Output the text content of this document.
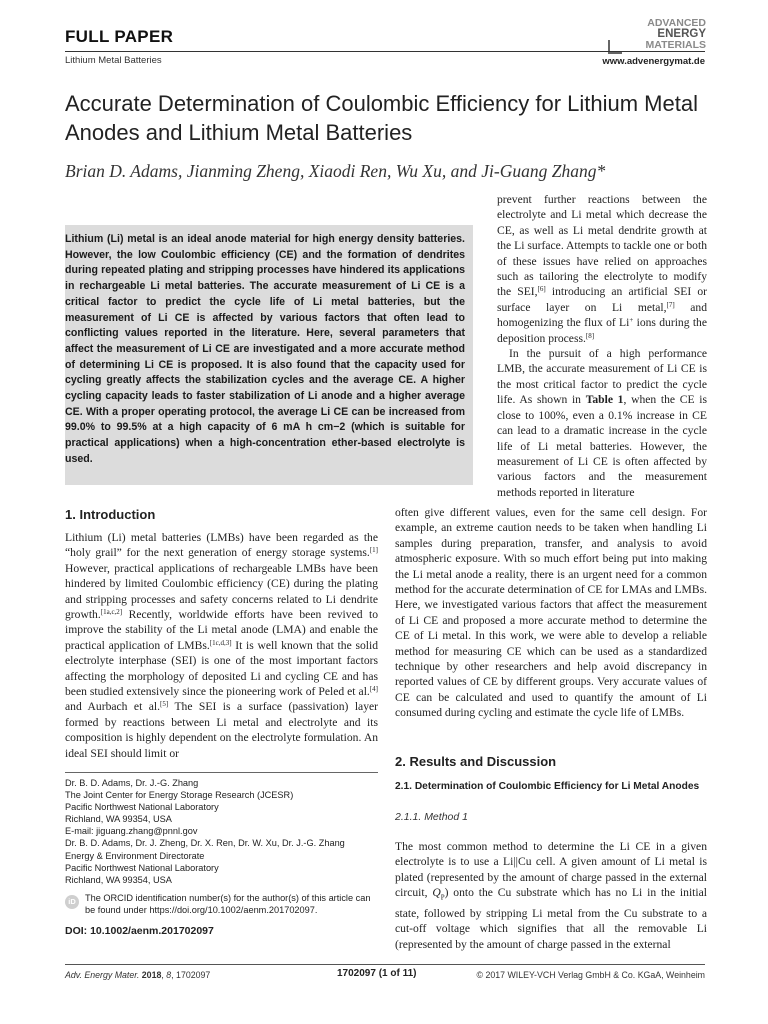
FULL PAPER
ADVANCED
ENERGY
MATERIALS
Lithium Metal Batteries	www.advenergymat.de
Accurate Determination of Coulombic Efficiency for Lithium Metal Anodes and Lithium Metal Batteries
Brian D. Adams, Jianming Zheng, Xiaodi Ren, Wu Xu, and Ji-Guang Zhang*
Lithium (Li) metal is an ideal anode material for high energy density batteries. However, the low Coulombic efficiency (CE) and the formation of dendrites during repeated plating and stripping processes have hindered its applications in rechargeable Li metal batteries. The accurate measurement of Li CE is a critical factor to predict the cycle life of Li metal batteries, but the measurement of Li CE is affected by various factors that often lead to conflicting values reported in the literature. Here, several parameters that affect the measurement of Li CE are investigated and a more accurate method of determining Li CE is proposed. It is also found that the capacity used for cycling greatly affects the stabilization cycles and the average CE. A higher cycling capacity leads to faster stabilization of Li anode and a higher average CE. With a proper operating protocol, the average Li CE can be increased from 99.0% to 99.5% at a high capacity of 6 mA h cm−2 (which is suitable for practical applications) when a high-concentration ether-based electrolyte is used.

prevent further reactions between the electrolyte and Li metal which decrease the CE, as well as Li metal dendrite growth at the Li surface. Attempts to tackle one or both of these issues have relied on approaches such as tailoring the electrolyte to modify the SEI,[6] introducing an artificial SEI or surface layer on Li metal,[7] and homogenizing the flux of Li+ ions during the deposition process.[8]

In the pursuit of a high performance LMB, the accurate measurement of Li CE is the most critical factor to predict the cycle life. As shown in Table 1, when the CE is close to 100%, even a 0.1% increase in CE can lead to a dramatic increase in the cycle life of Li metal batteries. However, the measurement of Li CE is often affected by various factors and the measurement methods reported in literature

often give different values, even for the same cell design. For example, an extreme caution needs to be taken when handling Li samples during preparation, transfer, and analysis to avoid atmospheric exposure. With so much effort being put into making the Li metal anode a reality, there is an urgent need for a common method for the accurate determination of CE for LMAs and LMBs. Here, we investigated various factors that affect the measurement of Li CE and proposed a more accurate method to determine the CE of Li metal. In this work, we were able to develop a reliable method for measuring CE which can be used as a standardized technique by other researchers and help avoid discrepancy in reported values of CE by different groups. Very accurate values of CE can be calculated and used to quantify the amount of Li consumed during cycling and estimate the cycle life of LMBs.
1. Introduction

Lithium (Li) metal batteries (LMBs) have been regarded as the “holy grail” for the next generation of energy storage systems.[1] However, practical applications of rechargeable LMBs have been hindered by limited Coulombic efficiency (CE) during the plating and stripping processes and safety concerns related to Li dendrite growth.[1a,c,2] Recently, worldwide efforts have been revived to improve the stability of the Li metal anode (LMA) and enable the practical application of LMBs.[1c,d,3] It is well known that the solid electrolyte interphase (SEI) is one of the most important factors affecting the morphology of deposited Li and cycling CE and has been studied extensively since the pioneering work of Peled et al.[4] and Aurbach et al.[5] The SEI is a surface (passivation) layer formed by reactions between Li metal and electrolyte and its composition is highly dependent on the electrolyte formulation. An ideal SEI should limit or

2. Results and Discussion
2.1. Determination of Coulombic Efficiency for Li Metal Anodes
2.1.1. Method 1

The most common method to determine the Li CE in a given electrolyte is to use a Li||Cu cell. A given amount of Li metal is plated (represented by the amount of charge passed in the external circuit, $Q_P$) onto the Cu substrate which has no Li in the initial state, followed by stripping Li metal from the Cu substrate to a cut-off voltage which signifies that all the removable Li (represented by the amount of charge passed in the external

Dr. B. D. Adams, Dr. J.-G. Zhang
The Joint Center for Energy Storage Research (JCESR)
Pacific Northwest National Laboratory
Richland, WA 99354, USA
E-mail: jiguang.zhang@pnnl.gov
Dr. B. D. Adams, Dr. J. Zheng, Dr. X. Ren, Dr. W. Xu, Dr. J.-G. Zhang
Energy & Environment Directorate
Pacific Northwest National Laboratory
Richland, WA 99354, USA
iD	The ORCID identification number(s) for the author(s) of this article can be found under https://doi.org/10.1002/aenm.201702097.
DOI: 10.1002/aenm.201702097
Adv. Energy Mater. 2018, 8, 1702097	1702097 (1 of 11)	© 2017 WILEY-VCH Verlag GmbH & Co. KGaA, Weinheim
